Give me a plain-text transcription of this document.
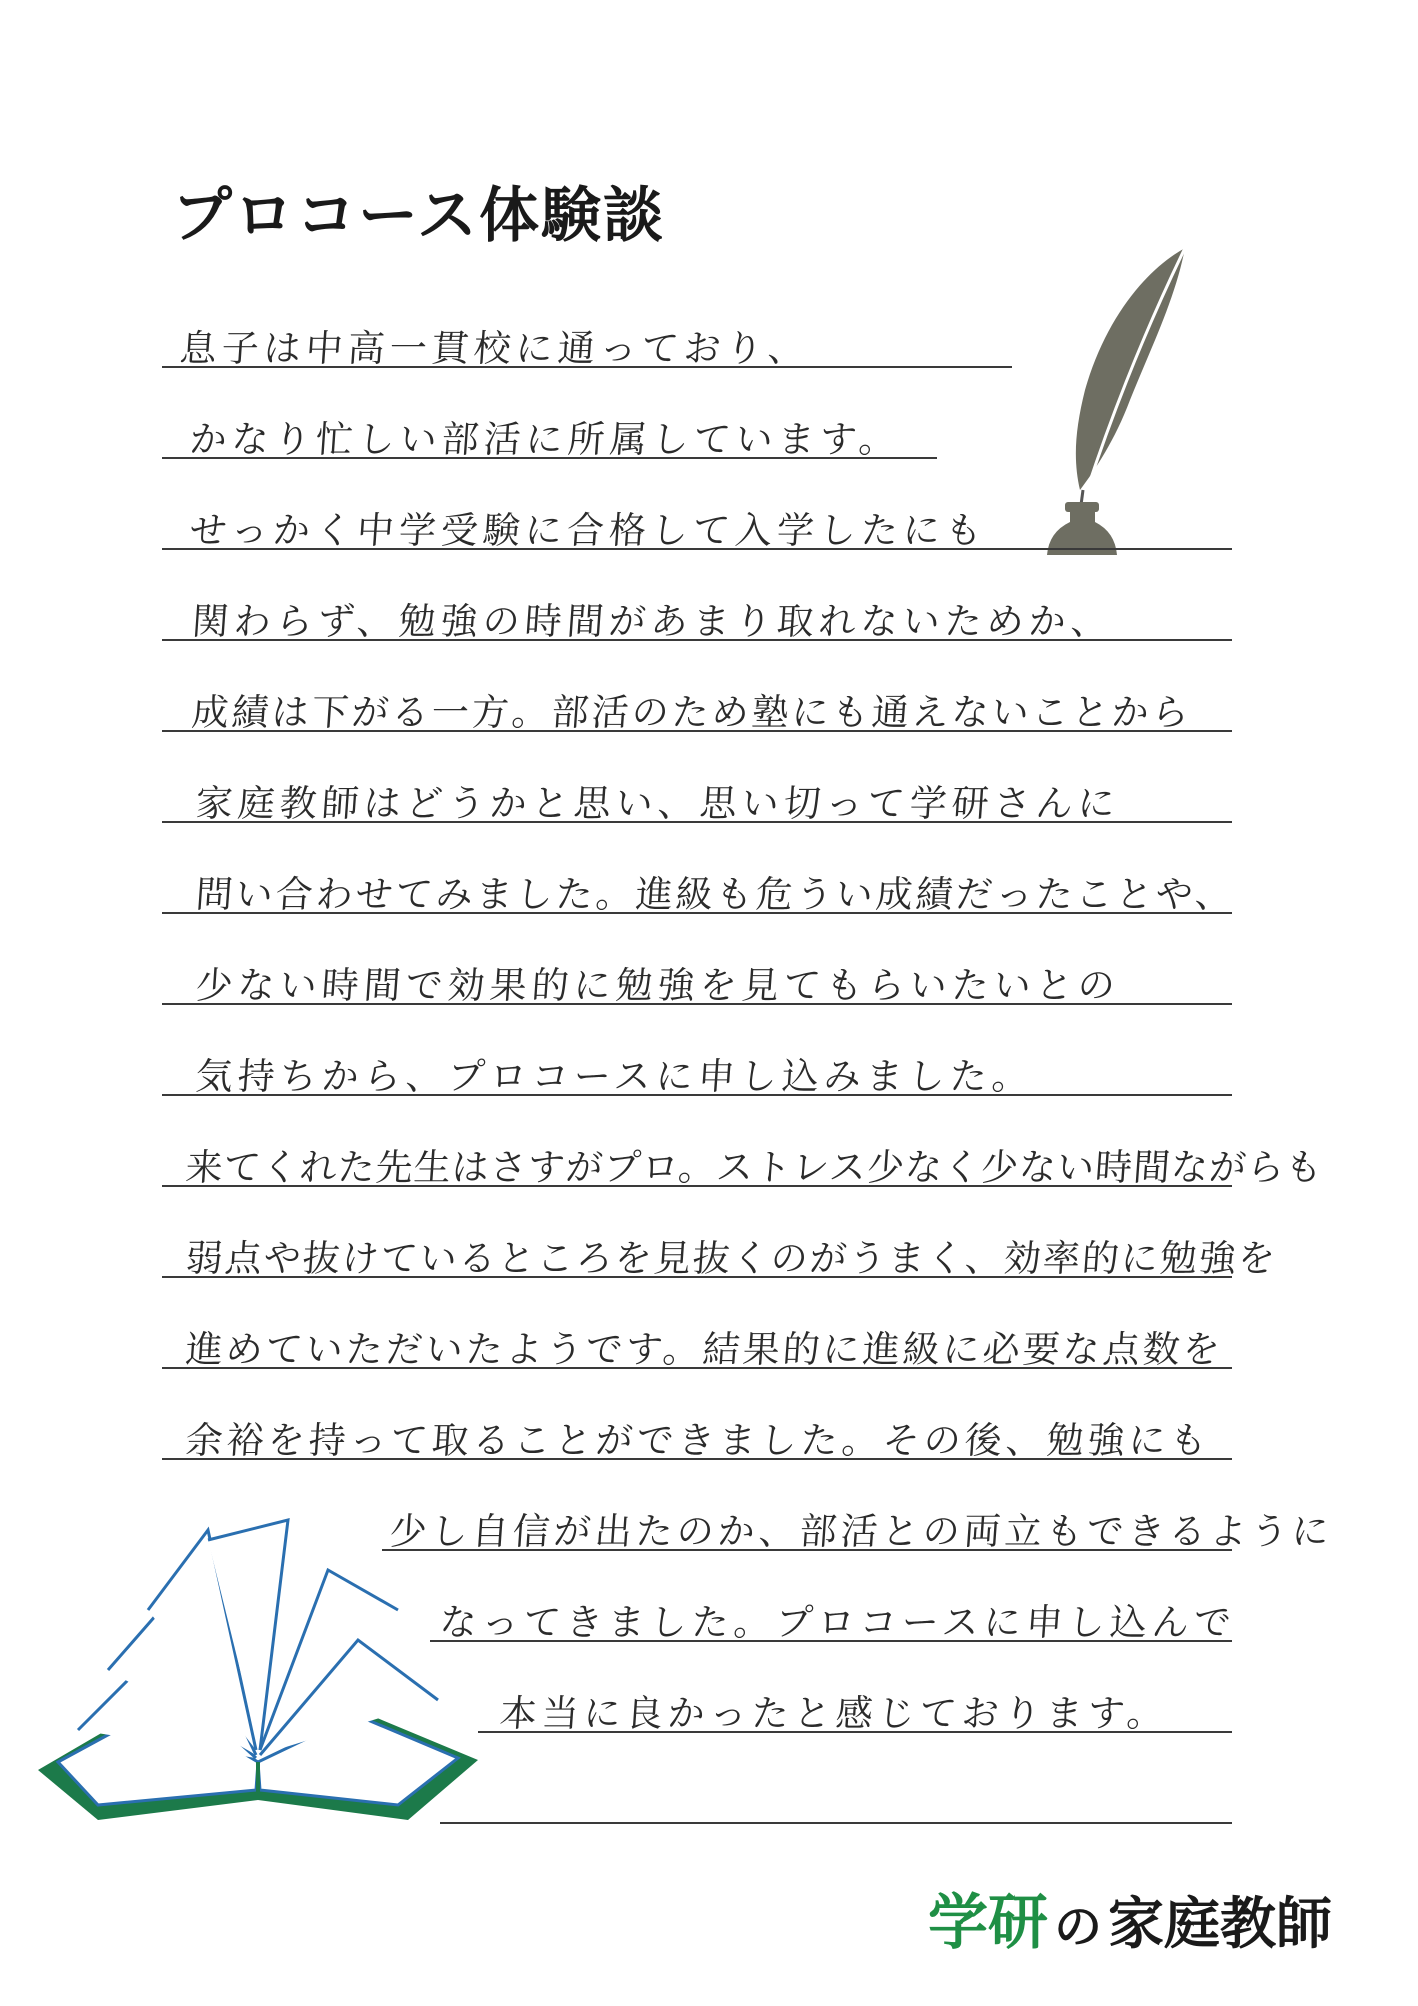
プロコース体験談
息子は中高一貫校に通っており、
かなり忙しい部活に所属しています。
せっかく中学受験に合格して入学したにも
関わらず、勉強の時間があまり取れないためか、
成績は下がる一方。部活のため塾にも通えないことから
家庭教師はどうかと思い、思い切って学研さんに
問い合わせてみました。進級も危うい成績だったことや、
少ない時間で効果的に勉強を見てもらいたいとの
気持ちから、プロコースに申し込みました。
来てくれた先生はさすがプロ。ストレス少なく少ない時間ながらも
弱点や抜けているところを見抜くのがうまく、効率的に勉強を
進めていただいたようです。結果的に進級に必要な点数を
余裕を持って取ることができました。その後、勉強にも
少し自信が出たのか、部活との両立もできるように
なってきました。プロコースに申し込んで
本当に良かったと感じております。
学研 の 家庭教師
